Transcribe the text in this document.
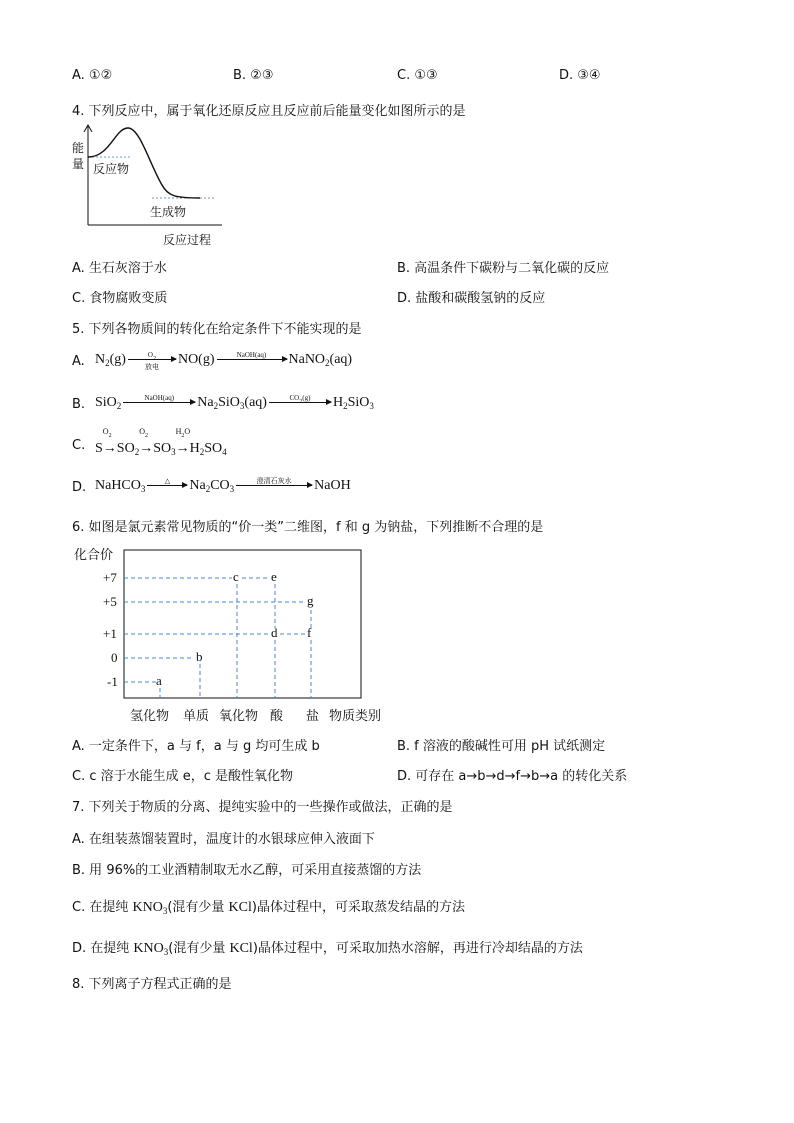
A. ①②	B. ②③	C. ①③	D. ③④
4. 下列反应中，属于氧化还原反应且反应前后能量变化如图所示的是
能量 反应物
生成物
反应过程
A. 生石灰溶于水	B. 高温条件下碳粉与二氧化碳的反应
C. 食物腐败变质	D. 盐酸和碳酸氢钠的反应
5. 下列各物质间的转化在给定条件下不能实现的是
A. $N_2(g)$	O
放电
NO(g)	NaOH(aq)	NaNO$_2$(aq)
B. SiO$_2$
NaOH(aq)	$Na_2SiO_3(aq)$	CO (g)	$H_2SiO_3$
C. S
$O_2$
$\to SO_2$
$O_2$
$\to SO_3$
$H_2O$
$\to H_2SO_4$
D. NaHCO$_3$
△	$Na_2CO_3$
澄清石灰水	NaOH
6. 如图是氯元素常见物质的“价一类”二维图，f 和 g 为钠盐，下列推断不合理的是
化合价
+7
+5
+1
0
-1	a
b
c
d
e
f
g
氢化物 单质 氧化物 酸 盐 物质类别
A. 一定条件下，a 与 f，a 与 g 均可生成 b	B. f 溶液的酸碱性可用 pH 试纸测定
C. c 溶于水能生成 e，c 是酸性氧化物	D. 可存在 a→b→d→f→b→a 的转化关系
7. 下列关于物质的分离、提纯实验中的一些操作或做法，正确的是
A. 在组装蒸馏装置时，温度计的水银球应伸入液面下
B. 用 96%的工业酒精制取无水乙醇，可采用直接蒸馏的方法
C. 在提纯 $KNO_3$(混有少量 KCl)晶体过程中，可采取蒸发结晶的方法
D. 在提纯 $KNO_3$(混有少量 KCl)晶体过程中，可采取加热水溶解，再进行冷却结晶的方法
8. 下列离子方程式正确的是
